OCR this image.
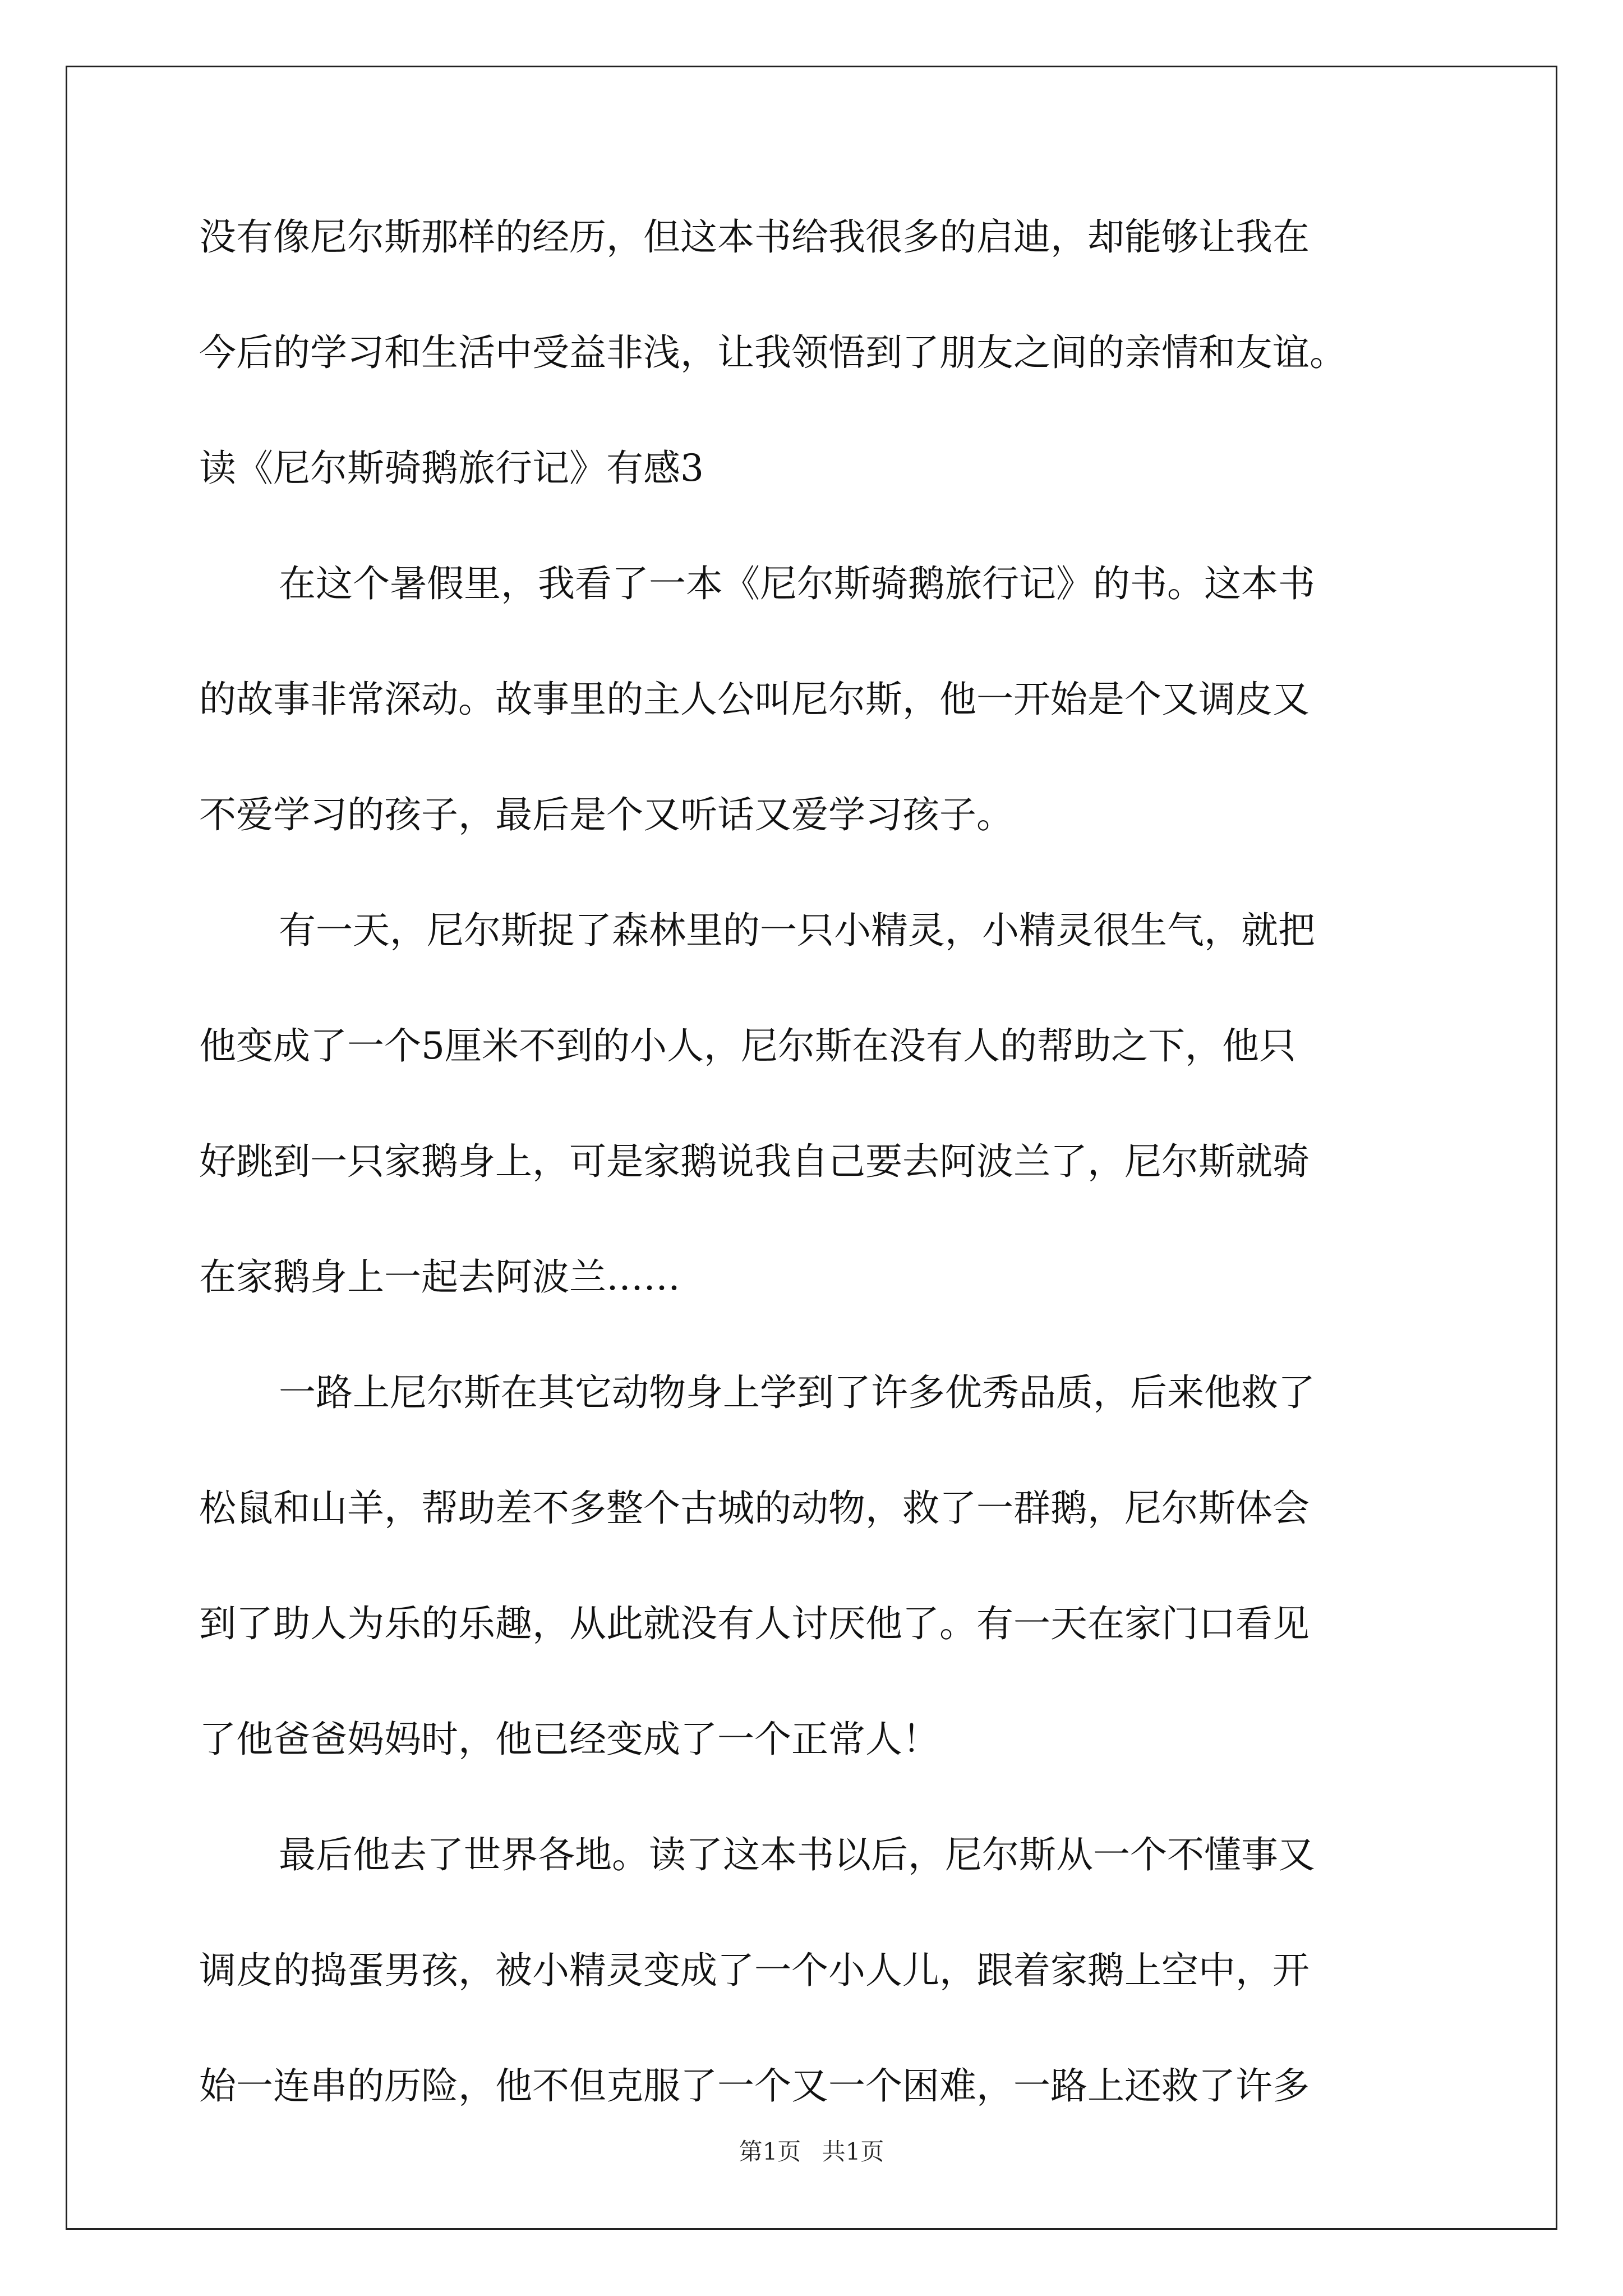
没有像尼尔斯那样的经历，但这本书给我很多的启迪，却能够让我在
今后的学习和生活中受益非浅，让我领悟到了朋友之间的亲情和友谊。
读《尼尔斯骑鹅旅行记》有感3
在这个暑假里，我看了一本《尼尔斯骑鹅旅行记》的书。这本书
的故事非常深动。故事里的主人公叫尼尔斯，他一开始是个又调皮又
不爱学习的孩子，最后是个又听话又爱学习孩子。
有一天，尼尔斯捉了森林里的一只小精灵，小精灵很生气，就把
他变成了一个5厘米不到的小人，尼尔斯在没有人的帮助之下，他只
好跳到一只家鹅身上，可是家鹅说我自己要去阿波兰了，尼尔斯就骑
在家鹅身上一起去阿波兰……
一路上尼尔斯在其它动物身上学到了许多优秀品质，后来他救了
松鼠和山羊，帮助差不多整个古城的动物，救了一群鹅，尼尔斯体会
到了助人为乐的乐趣，从此就没有人讨厌他了。有一天在家门口看见
了他爸爸妈妈时，他已经变成了一个正常人！
最后他去了世界各地。读了这本书以后，尼尔斯从一个不懂事又
调皮的捣蛋男孩，被小精灵变成了一个小人儿，跟着家鹅上空中，开
始一连串的历险，他不但克服了一个又一个困难，一路上还救了许多
第1页 共1页
